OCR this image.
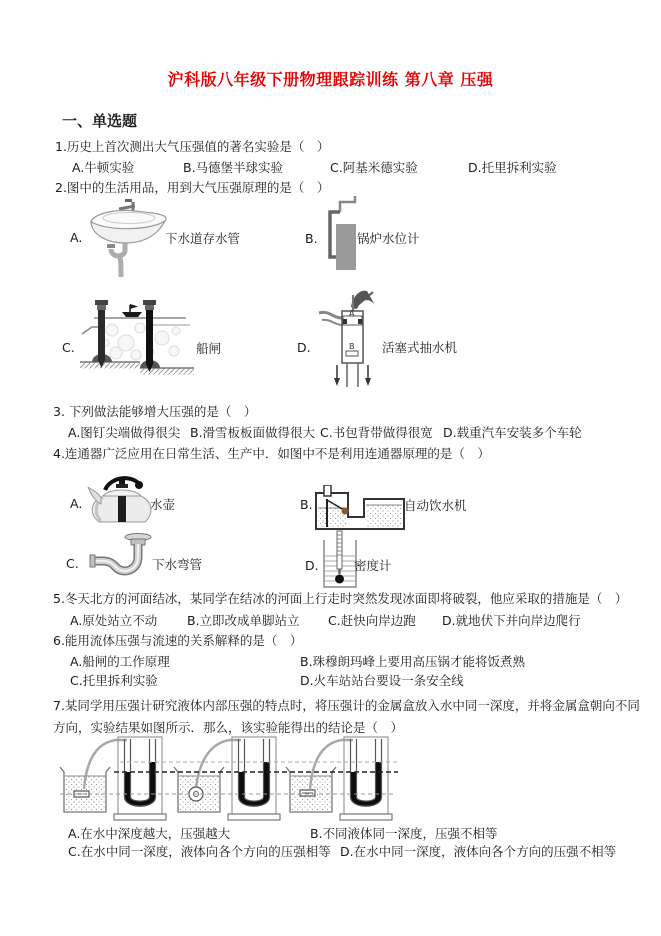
沪科版八年级下册物理跟踪训练 第八章 压强
一、单选题
1.历史上首次测出大气压强值的著名实验是（　）
A.牛顿实验	B.马德堡半球实验	C.阿基米德实验	D.托里拆利实验
2.图中的生活用品，用到大气压强原理的是（　）
A.	下水道存水管	B.	锅炉水位计
C.	船闸	D.
A
B 活塞式抽水机
3. 下列做法能够增大压强的是（　）
A.图钉尖端做得很尖 B.滑雪板板面做得很大 C.书包背带做得很宽 D.载重汽车安装多个车轮
4.连通器广泛应用在日常生活、生产中．如图中不是利用连通器原理的是（　）
A.	水壶	B.	自动饮水机
C.	下水弯管	D.	密度计
5.冬天北方的河面结冰，某同学在结冰的河面上行走时突然发现冰面即将破裂，他应采取的措施是（　）
A.原处站立不动 B.立即改成单脚站立 C.赶快向岸边跑 D.就地伏下并向岸边爬行
6.能用流体压强与流速的关系解释的是（　）
A.船闸的工作原理	B.珠穆朗玛峰上要用高压锅才能将饭煮熟
C.托里拆利实验	D.火车站站台要设一条安全线
7.某同学用压强计研究液体内部压强的特点时，将压强计的金属盒放入水中同一深度，并将金属盒朝向不同方向，实验结果如图所示．那么，该实验能得出的结论是（　）
A.在水中深度越大，压强越大	B.不同液体同一深度，压强不相等
C.在水中同一深度，液体向各个方向的压强相等 D.在水中同一深度，液体向各个方向的压强不相等
